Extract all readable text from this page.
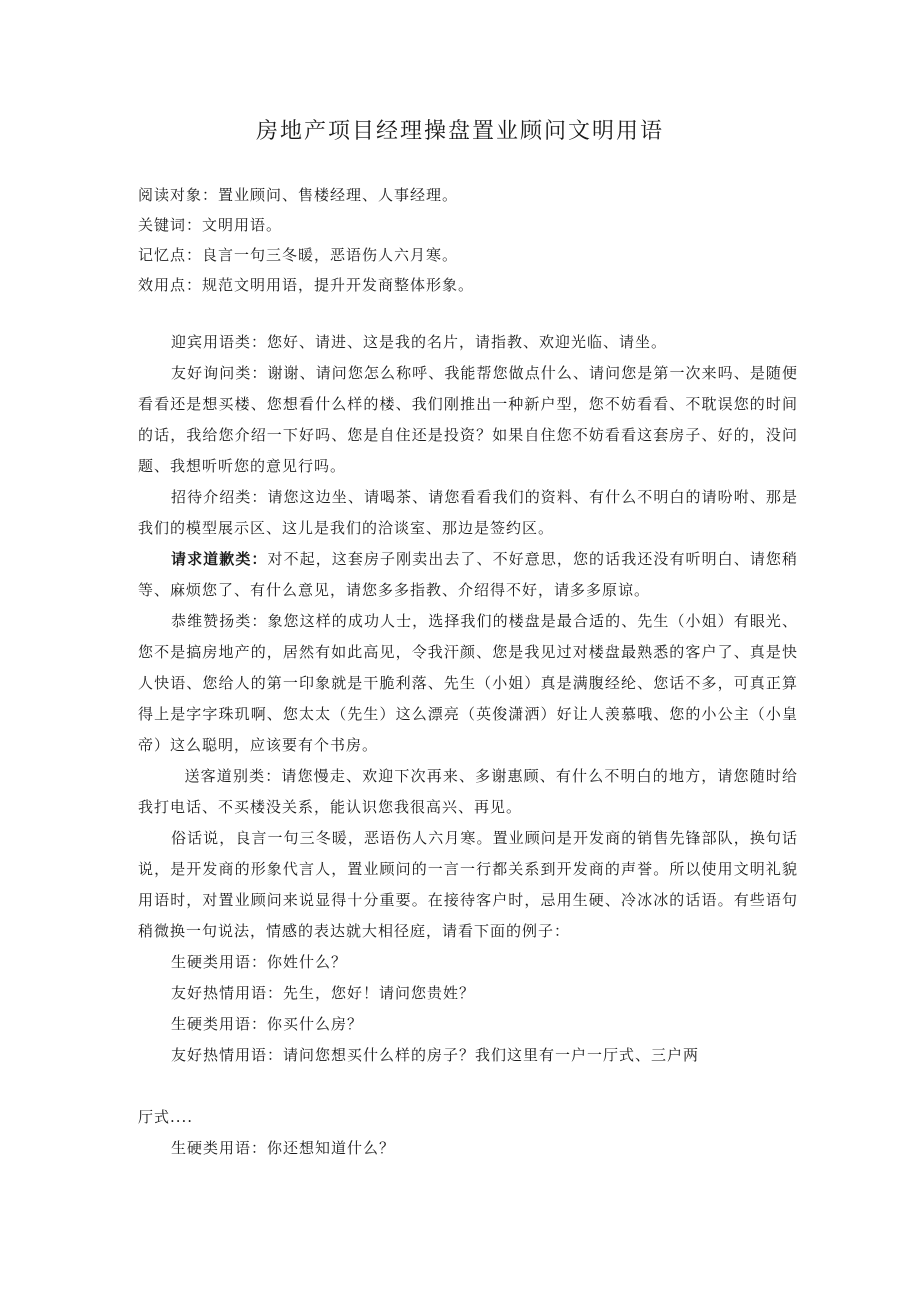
房地产项目经理操盘置业顾问文明用语

阅读对象：置业顾问、售楼经理、人事经理。

关键词：文明用语。

记忆点：良言一句三冬暖，恶语伤人六月寒。

效用点：规范文明用语，提升开发商整体形象。

迎宾用语类：您好、请进、这是我的名片，请指教、欢迎光临、请坐。

友好询问类：谢谢、请问您怎么称呼、我能帮您做点什么、请问您是第一次来吗、是随便看看还是想买楼、您想看什么样的楼、我们刚推出一种新户型，您不妨看看、不耽误您的时间的话，我给您介绍一下好吗、您是自住还是投资？如果自住您不妨看看这套房子、好的，没问题、我想听听您的意见行吗。

招待介绍类：请您这边坐、请喝茶、请您看看我们的资料、有什么不明白的请吩咐、那是我们的模型展示区、这儿是我们的洽谈室、那边是签约区。

请求道歉类：对不起，这套房子刚卖出去了、不好意思，您的话我还没有听明白、请您稍等、麻烦您了、有什么意见，请您多多指教、介绍得不好，请多多原谅。

恭维赞扬类：象您这样的成功人士，选择我们的楼盘是最合适的、先生（小姐）有眼光、您不是搞房地产的，居然有如此高见，令我汗颜、您是我见过对楼盘最熟悉的客户了、真是快人快语、您给人的第一印象就是干脆利落、先生（小姐）真是满腹经纶、您话不多，可真正算得上是字字珠玑啊、您太太（先生）这么漂亮（英俊潇洒）好让人羡慕哦、您的小公主（小皇帝）这么聪明，应该要有个书房。

送客道别类：请您慢走、欢迎下次再来、多谢惠顾、有什么不明白的地方，请您随时给我打电话、不买楼没关系，能认识您我很高兴、再见。

俗话说，良言一句三冬暖，恶语伤人六月寒。置业顾问是开发商的销售先锋部队，换句话说，是开发商的形象代言人，置业顾问的一言一行都关系到开发商的声誉。所以使用文明礼貌用语时，对置业顾问来说显得十分重要。在接待客户时，忌用生硬、冷冰冰的话语。有些语句稍微换一句说法，情感的表达就大相径庭，请看下面的例子：

生硬类用语：你姓什么？

友好热情用语：先生，您好！请问您贵姓？

生硬类用语：你买什么房？

友好热情用语：请问您想买什么样的房子？我们这里有一户一厅式、三户两

厅式....

生硬类用语：你还想知道什么？
